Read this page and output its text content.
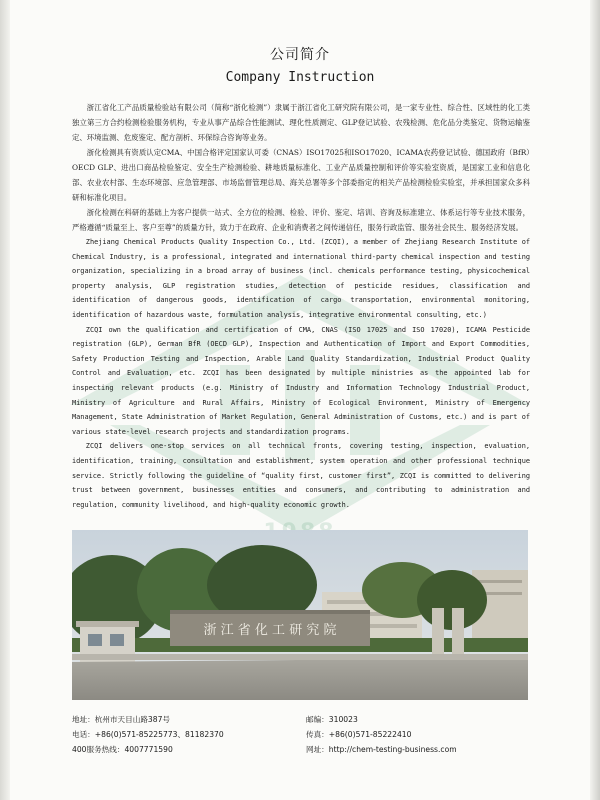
公司简介
Company Instruction

浙江省化工产品质量检验站有限公司（简称“浙化检测”）隶属于浙江省化工研究院有限公司，是一家专业性、综合性、区域性的化工类独立第三方合约检测检验服务机构，专业从事产品综合性能测试、理化性质测定、GLP登记试验、农残检测、危化品分类鉴定、货物运输鉴定、环境监测、危废鉴定、配方剖析、环保综合咨询等业务。

浙化检测具有资质认定CMA、中国合格评定国家认可委（CNAS）ISO17025和ISO17020、ICAMA农药登记试验、德国政府（BfR）OECD GLP、进出口商品检验鉴定、安全生产检测检验、耕地质量标准化、工业产品质量控制和评价等实验室资质，是国家工业和信息化部、农业农村部、生态环境部、应急管理部、市场监督管理总局、海关总署等多个部委指定的相关产品检测检验实验室，并承担国家众多科研和标准化项目。

浙化检测在科研的基础上为客户提供一站式、全方位的检测、检验、评价、鉴定、培训、咨询及标准建立、体系运行等专业技术服务，严格遵循“质量至上、客户至尊”的质量方针，致力于在政府、企业和消费者之间传递信任，服务行政监管、服务社会民生、服务经济发展。

Zhejiang Chemical Products Quality Inspection Co., Ltd. (ZCQI), a member of Zhejiang Research Institute of Chemical Industry, is a professional, integrated and international third-party chemical inspection and testing organization, specializing in a broad array of business (incl. chemicals performance testing, physicochemical property analysis, GLP registration studies, detection of pesticide residues, classification and identification of dangerous goods, identification of cargo transportation, environmental monitoring, identification of hazardous waste, formulation analysis, integrative environmental consulting, etc.)

ZCQI own the qualification and certification of CMA, CNAS (ISO 17025 and ISO 17020), ICAMA Pesticide registration (GLP), German BfR (OECD GLP), Inspection and Authentication of Import and Export Commodities, Safety Production Testing and Inspection, Arable Land Quality Standardization, Industrial Product Quality Control and Evaluation, etc. ZCQI has been designated by multiple ministries as the appointed lab for inspecting relevant products (e.g. Ministry of Industry and Information Technology Industrial Product, Ministry of Agriculture and Rural Affairs, Ministry of Ecological Environment, Ministry of Emergency Management, State Administration of Market Regulation, General Administration of Customs, etc.) and is part of various state-level research projects and standardization programs.

ZCQI delivers one-stop services on all technical fronts, covering testing, inspection, evaluation, identification, training, consultation and establishment, system operation and other professional technique service. Strictly following the guideline of “quality first, customer first”, ZCQI is committed to delivering trust between government, businesses entities and consumers, and contributing to administration and regulation, community livelihood, and high-quality economic growth.

浙 江 省 化 工 研 究 院
地址：杭州市天目山路387号	邮编：310023
电话：+86(0)571-85225773、81182370	传真：+86(0)571-85222410
400服务热线：4007771590	网址：http://chem-testing-business.com
